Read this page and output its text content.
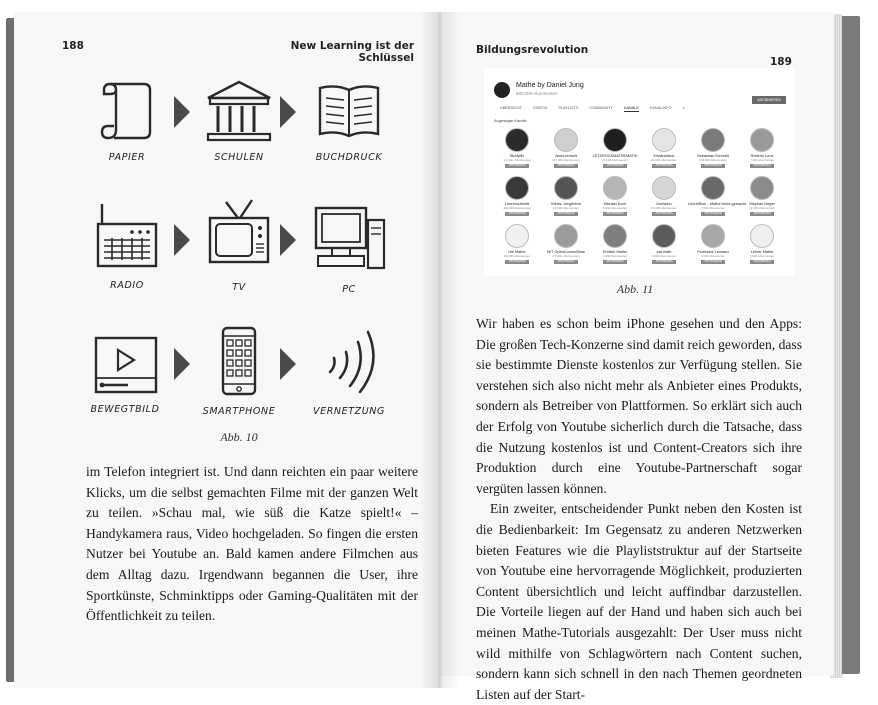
188	New Learning ist der Schlüssel
PAPIER	SCHULEN	BUCHDRUCK
RADIO	TV	PC
BEWEGTBILD	SMARTPHONE	VERNETZUNG
Abb. 10

im Telefon integriert ist. Und dann reichten ein paar weitere Klicks, um die selbst gemachten Filme mit der ganzen Welt zu teilen. »Schau mal, wie süß die Katze spielt!« – Handykamera raus, Video hochgeladen. So fingen die ersten Nutzer bei Youtube an. Bald kamen andere Filmchen aus dem Alltag dazu. Irgendwann begannen die User, ihre Sportkünste, Schminktipps oder Gaming-Qualitäten mit der Öffentlichkeit zu teilen.

Bildungsrevolution
189
Abb. 11

Wir haben es schon beim iPhone gesehen und den Apps: Die großen Tech-Konzerne sind damit reich geworden, dass sie bestimmte Dienste kostenlos zur Verfügung stellen. Sie verstehen sich also nicht mehr als Anbieter eines Produkts, sondern als Betreiber von Plattformen. So erklärt sich auch der Erfolg von Youtube sicherlich durch die Tatsache, dass die Nutzung kostenlos ist und Content-Creators sich ihre Produktion durch eine Youtube-Partnerschaft sogar vergüten lassen können.

Ein zweiter, entscheidender Punkt neben den Kosten ist die Bedienbarkeit: Im Gegensatz zu anderen Netzwerken bieten Features wie die Playliststruktur auf der Startseite von Youtube eine hervorragende Möglichkeit, produzierten Content übersichtlich und leicht auffindbar darzustellen. Die Vorteile liegen auf der Hand und haben sich auch bei meinen Mathe-Tutorials ausgezahlt: Der User muss nicht wild mithilfe von Schlagwörtern nach Content suchen, sondern kann sich schnell in den nach Themen geordneten Listen auf der Start-

Mathe by Daniel Jung
600.000 Abonnenten
ABONNIEREN
ÜBERSICHT	VIDEOS	PLAYLISTS	COMMUNITY	KANÄLE	KANALINFO	⌕
Angesagte Kanäle
Studyflix
1,1 Mio. Abonnenten
ABONNIEREN
JensLernweit
197.000 Abonnenten
ABONNIEREN
LETSROCKMATHEMATIK
27.000 Abonnenten
ABONNIEREN
Erklärvideos
22.000 Abonnenten
ABONNIEREN
Sebastian Schmidt
108.000 Abonnenten
ABONNIEREN
Roberto Lenz
7.400 Abonnenten
ABONNIEREN
Lehrerschmidt
400.000 Abonnenten
ABONNIEREN
Weiss, vergleiche
19.000 Abonnenten
ABONNIEREN
Michael Koch
8.900 Abonnenten
ABONNIEREN
Dorfschu
15.000 Abonnenten
ABONNIEREN
LehrerBob – Mathe leicht gemacht
7.000 Abonnenten
ABONNIEREN
Stephan Mayer
16.000 Abonnenten
ABONNIEREN
Hei Mathe
33.000 Abonnenten
ABONNIEREN
MIT OpenCourseWare
2,5 Mio. Abonnenten
ABONNIEREN
Endlich Mathe
4.000 Abonnenten
ABONNIEREN
pat math
3.000 Abonnenten
ABONNIEREN
Professor Leonard
6.000 Abonnenten
ABONNIEREN
Lehrer Mathe
3.900 Abonnenten
ABONNIEREN
